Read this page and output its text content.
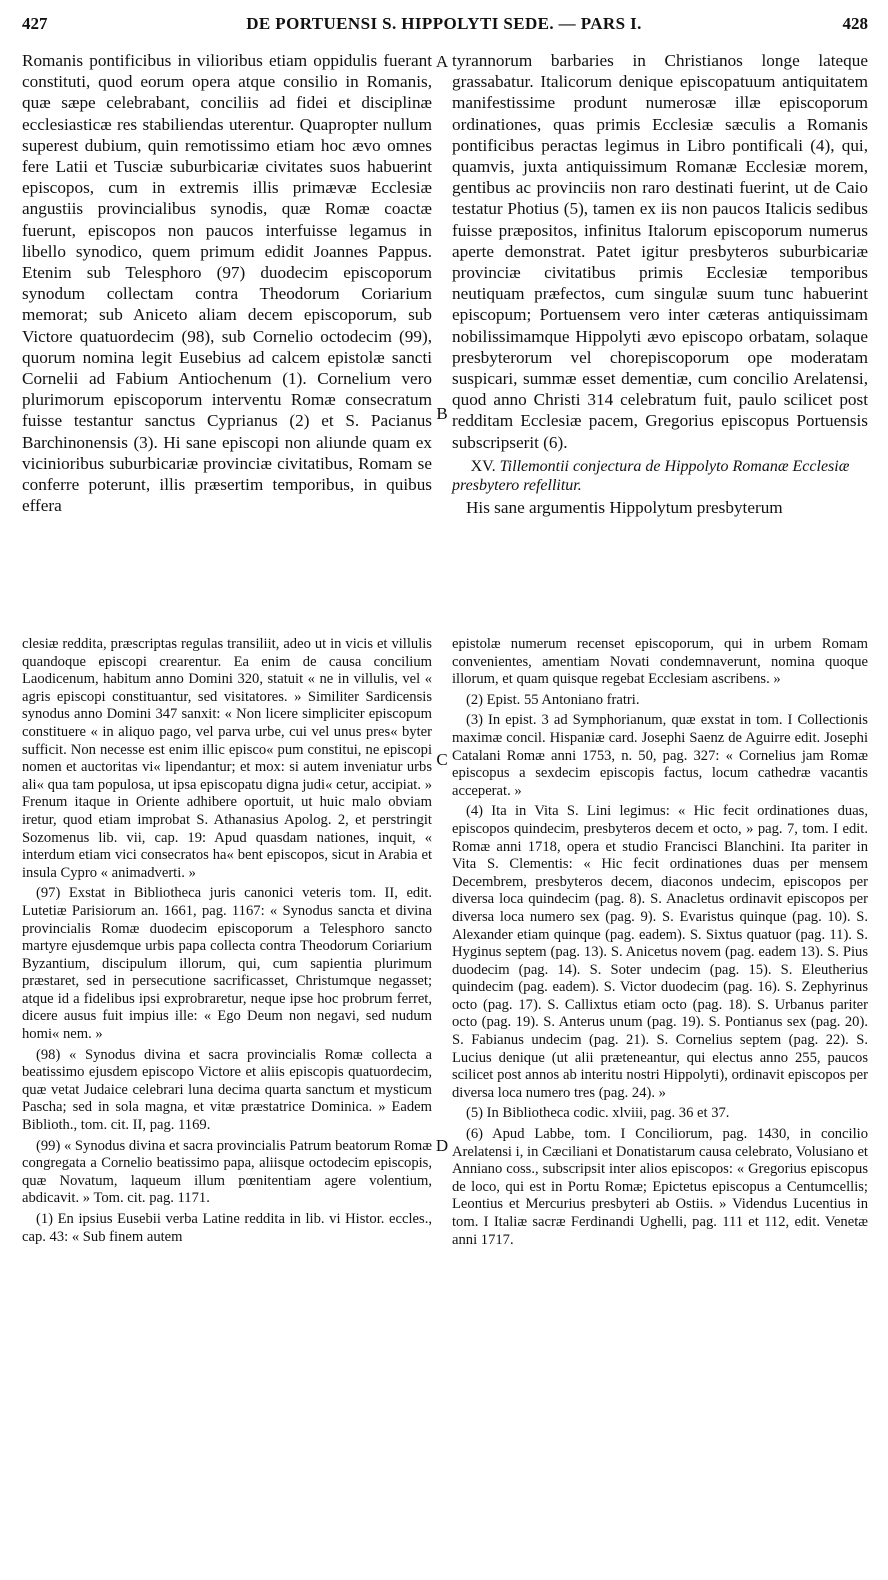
427	DE PORTUENSI S. HIPPOLYTI SEDE. — PARS I.	428
A
B
C
D

Romanis pontificibus in vilioribus etiam oppidulis fuerant constituti, quod eorum opera atque consilio in Romanis, quæ sæpe celebrabant, conciliis ad fidei et disciplinæ ecclesiasticæ res stabiliendas uterentur. Quapropter nullum superest dubium, quin remotissimo etiam hoc ævo omnes fere Latii et Tusciæ suburbicariæ civitates suos habuerint episcopos, cum in extremis illis primævæ Ecclesiæ angustiis provincialibus synodis, quæ Romæ coactæ fuerunt, episcopos non paucos interfuisse legamus in libello synodico, quem primum edidit Joannes Pappus. Etenim sub Telesphoro (97) duodecim episcoporum synodum collectam contra Theodorum Coriarium memorat; sub Aniceto aliam decem episcoporum, sub Victore quatuordecim (98), sub Cornelio octodecim (99), quorum nomina legit Eusebius ad calcem epistolæ sancti Cornelii ad Fabium Antiochenum (1). Cornelium vero plurimorum episcoporum interventu Romæ consecratum fuisse testantur sanctus Cyprianus (2) et S. Pacianus Barchinonensis (3). Hi sane episcopi non aliunde quam ex vicinioribus suburbicariæ provinciæ civitatibus, Romam se conferre poterunt, illis præsertim temporibus, in quibus effera

tyrannorum barbaries in Christianos longe lateque grassabatur. Italicorum denique episcopatuum antiquitatem manifestissime produnt numerosæ illæ episcoporum ordinationes, quas primis Ecclesiæ sæculis a Romanis pontificibus peractas legimus in Libro pontificali (4), qui, quamvis, juxta antiquissimum Romanæ Ecclesiæ morem, gentibus ac provinciis non raro destinati fuerint, ut de Caio testatur Photius (5), tamen ex iis non paucos Italicis sedibus fuisse præpositos, infinitus Italorum episcoporum numerus aperte demonstrat. Patet igitur presbyteros suburbicariæ provinciæ civitatibus primis Ecclesiæ temporibus neutiquam præfectos, cum singulæ suum tunc habuerint episcopum; Portuensem vero inter cæteras antiquissimam nobilissimamque Hippolyti ævo episcopo orbatam, solaque presbyterorum vel chorepiscoporum ope moderatam suspicari, summæ esset dementiæ, cum concilio Arelatensi, quod anno Christi 314 celebratum fuit, paulo scilicet post redditam Ecclesiæ pacem, Gregorius episcopus Portuensis subscripserit (6).

XV. Tillemontii conjectura de Hippolyto Romanæ Ecclesiæ presbytero refellitur.

His sane argumentis Hippolytum presbyterum

clesiæ reddita, præscriptas regulas transiliit, adeo ut in vicis et villulis quandoque episcopi crearentur. Ea enim de causa concilium Laodicenum, habitum anno Domini 320, statuit « ne in villulis, vel « agris episcopi constituantur, sed visitatores. » Similiter Sardicensis synodus anno Domini 347 sanxit: « Non licere simpliciter episcopum constituere « in aliquo pago, vel parva urbe, cui vel unus pres« byter sufficit. Non necesse est enim illic episco« pum constitui, ne episcopi nomen et auctoritas vi« lipendantur; et mox: si autem inveniatur urbs ali« qua tam populosa, ut ipsa episcopatu digna judi« cetur, accipiat. » Frenum itaque in Oriente adhibere oportuit, ut huic malo obviam iretur, quod etiam improbat S. Athanasius Apolog. 2, et perstringit Sozomenus lib. vii, cap. 19: Apud quasdam nationes, inquit, « interdum etiam vici consecratos ha« bent episcopos, sicut in Arabia et insula Cypro « animadverti. »

(97) Exstat in Bibliotheca juris canonici veteris tom. II, edit. Lutetiæ Parisiorum an. 1661, pag. 1167: « Synodus sancta et divina provincialis Romæ duodecim episcoporum a Telesphoro sancto martyre ejusdemque urbis papa collecta contra Theodorum Coriarium Byzantium, discipulum illorum, qui, cum sapientia plurimum præstaret, sed in persecutione sacrificasset, Christumque negasset; atque id a fidelibus ipsi exprobraretur, neque ipse hoc probrum ferret, dicere ausus fuit impius ille: « Ego Deum non negavi, sed nudum homi« nem. »

(98) « Synodus divina et sacra provincialis Romæ collecta a beatissimo ejusdem episcopo Victore et aliis episcopis quatuordecim, quæ vetat Judaice celebrari luna decima quarta sanctum et mysticum Pascha; sed in sola magna, et vitæ præstatrice Dominica. » Eadem Biblioth., tom. cit. II, pag. 1169.

(99) « Synodus divina et sacra provincialis Patrum beatorum Romæ congregata a Cornelio beatissimo papa, aliisque octodecim episcopis, quæ Novatum, laqueum illum pœnitentiam agere volentium, abdicavit. » Tom. cit. pag. 1171.

(1) En ipsius Eusebii verba Latine reddita in lib. vi Histor. eccles., cap. 43: « Sub finem autem

epistolæ numerum recenset episcoporum, qui in urbem Romam convenientes, amentiam Novati condemnaverunt, nomina quoque illorum, et quam quisque regebat Ecclesiam ascribens. »

(2) Epist. 55 Antoniano fratri.

(3) In epist. 3 ad Symphorianum, quæ exstat in tom. I Collectionis maximæ concil. Hispaniæ card. Josephi Saenz de Aguirre edit. Josephi Catalani Romæ anni 1753, n. 50, pag. 327: « Cornelius jam Romæ episcopus a sexdecim episcopis factus, locum cathedræ vacantis acceperat. »

(4) Ita in Vita S. Lini legimus: « Hic fecit ordinationes duas, episcopos quindecim, presbyteros decem et octo, » pag. 7, tom. I edit. Romæ anni 1718, opera et studio Francisci Blanchini. Ita pariter in Vita S. Clementis: « Hic fecit ordinationes duas per mensem Decembrem, presbyteros decem, diaconos undecim, episcopos per diversa loca quindecim (pag. 8). S. Anacletus ordinavit episcopos per diversa loca numero sex (pag. 9). S. Evaristus quinque (pag. 10). S. Alexander etiam quinque (pag. eadem). S. Sixtus quatuor (pag. 11). S. Hyginus septem (pag. 13). S. Anicetus novem (pag. eadem 13). S. Pius duodecim (pag. 14). S. Soter undecim (pag. 15). S. Eleutherius quindecim (pag. eadem). S. Victor duodecim (pag. 16). S. Zephyrinus octo (pag. 17). S. Callixtus etiam octo (pag. 18). S. Urbanus pariter octo (pag. 19). S. Anterus unum (pag. 19). S. Pontianus sex (pag. 20). S. Fabianus undecim (pag. 21). S. Cornelius septem (pag. 22). S. Lucius denique (ut alii præteneantur, qui electus anno 255, paucos scilicet post annos ab interitu nostri Hippolyti), ordinavit episcopos per diversa loca numero tres (pag. 24). »

(5) In Bibliotheca codic. xlviii, pag. 36 et 37.

(6) Apud Labbe, tom. I Conciliorum, pag. 1430, in concilio Arelatensi i, in Cæciliani et Donatistarum causa celebrato, Volusiano et Anniano coss., subscripsit inter alios episcopos: « Gregorius episcopus de loco, qui est in Portu Romæ; Epictetus episcopus a Centumcellis; Leontius et Mercurius presbyteri ab Ostiis. » Videndus Lucentius in tom. I Italiæ sacræ Ferdinandi Ughelli, pag. 111 et 112, edit. Venetæ anni 1717.
